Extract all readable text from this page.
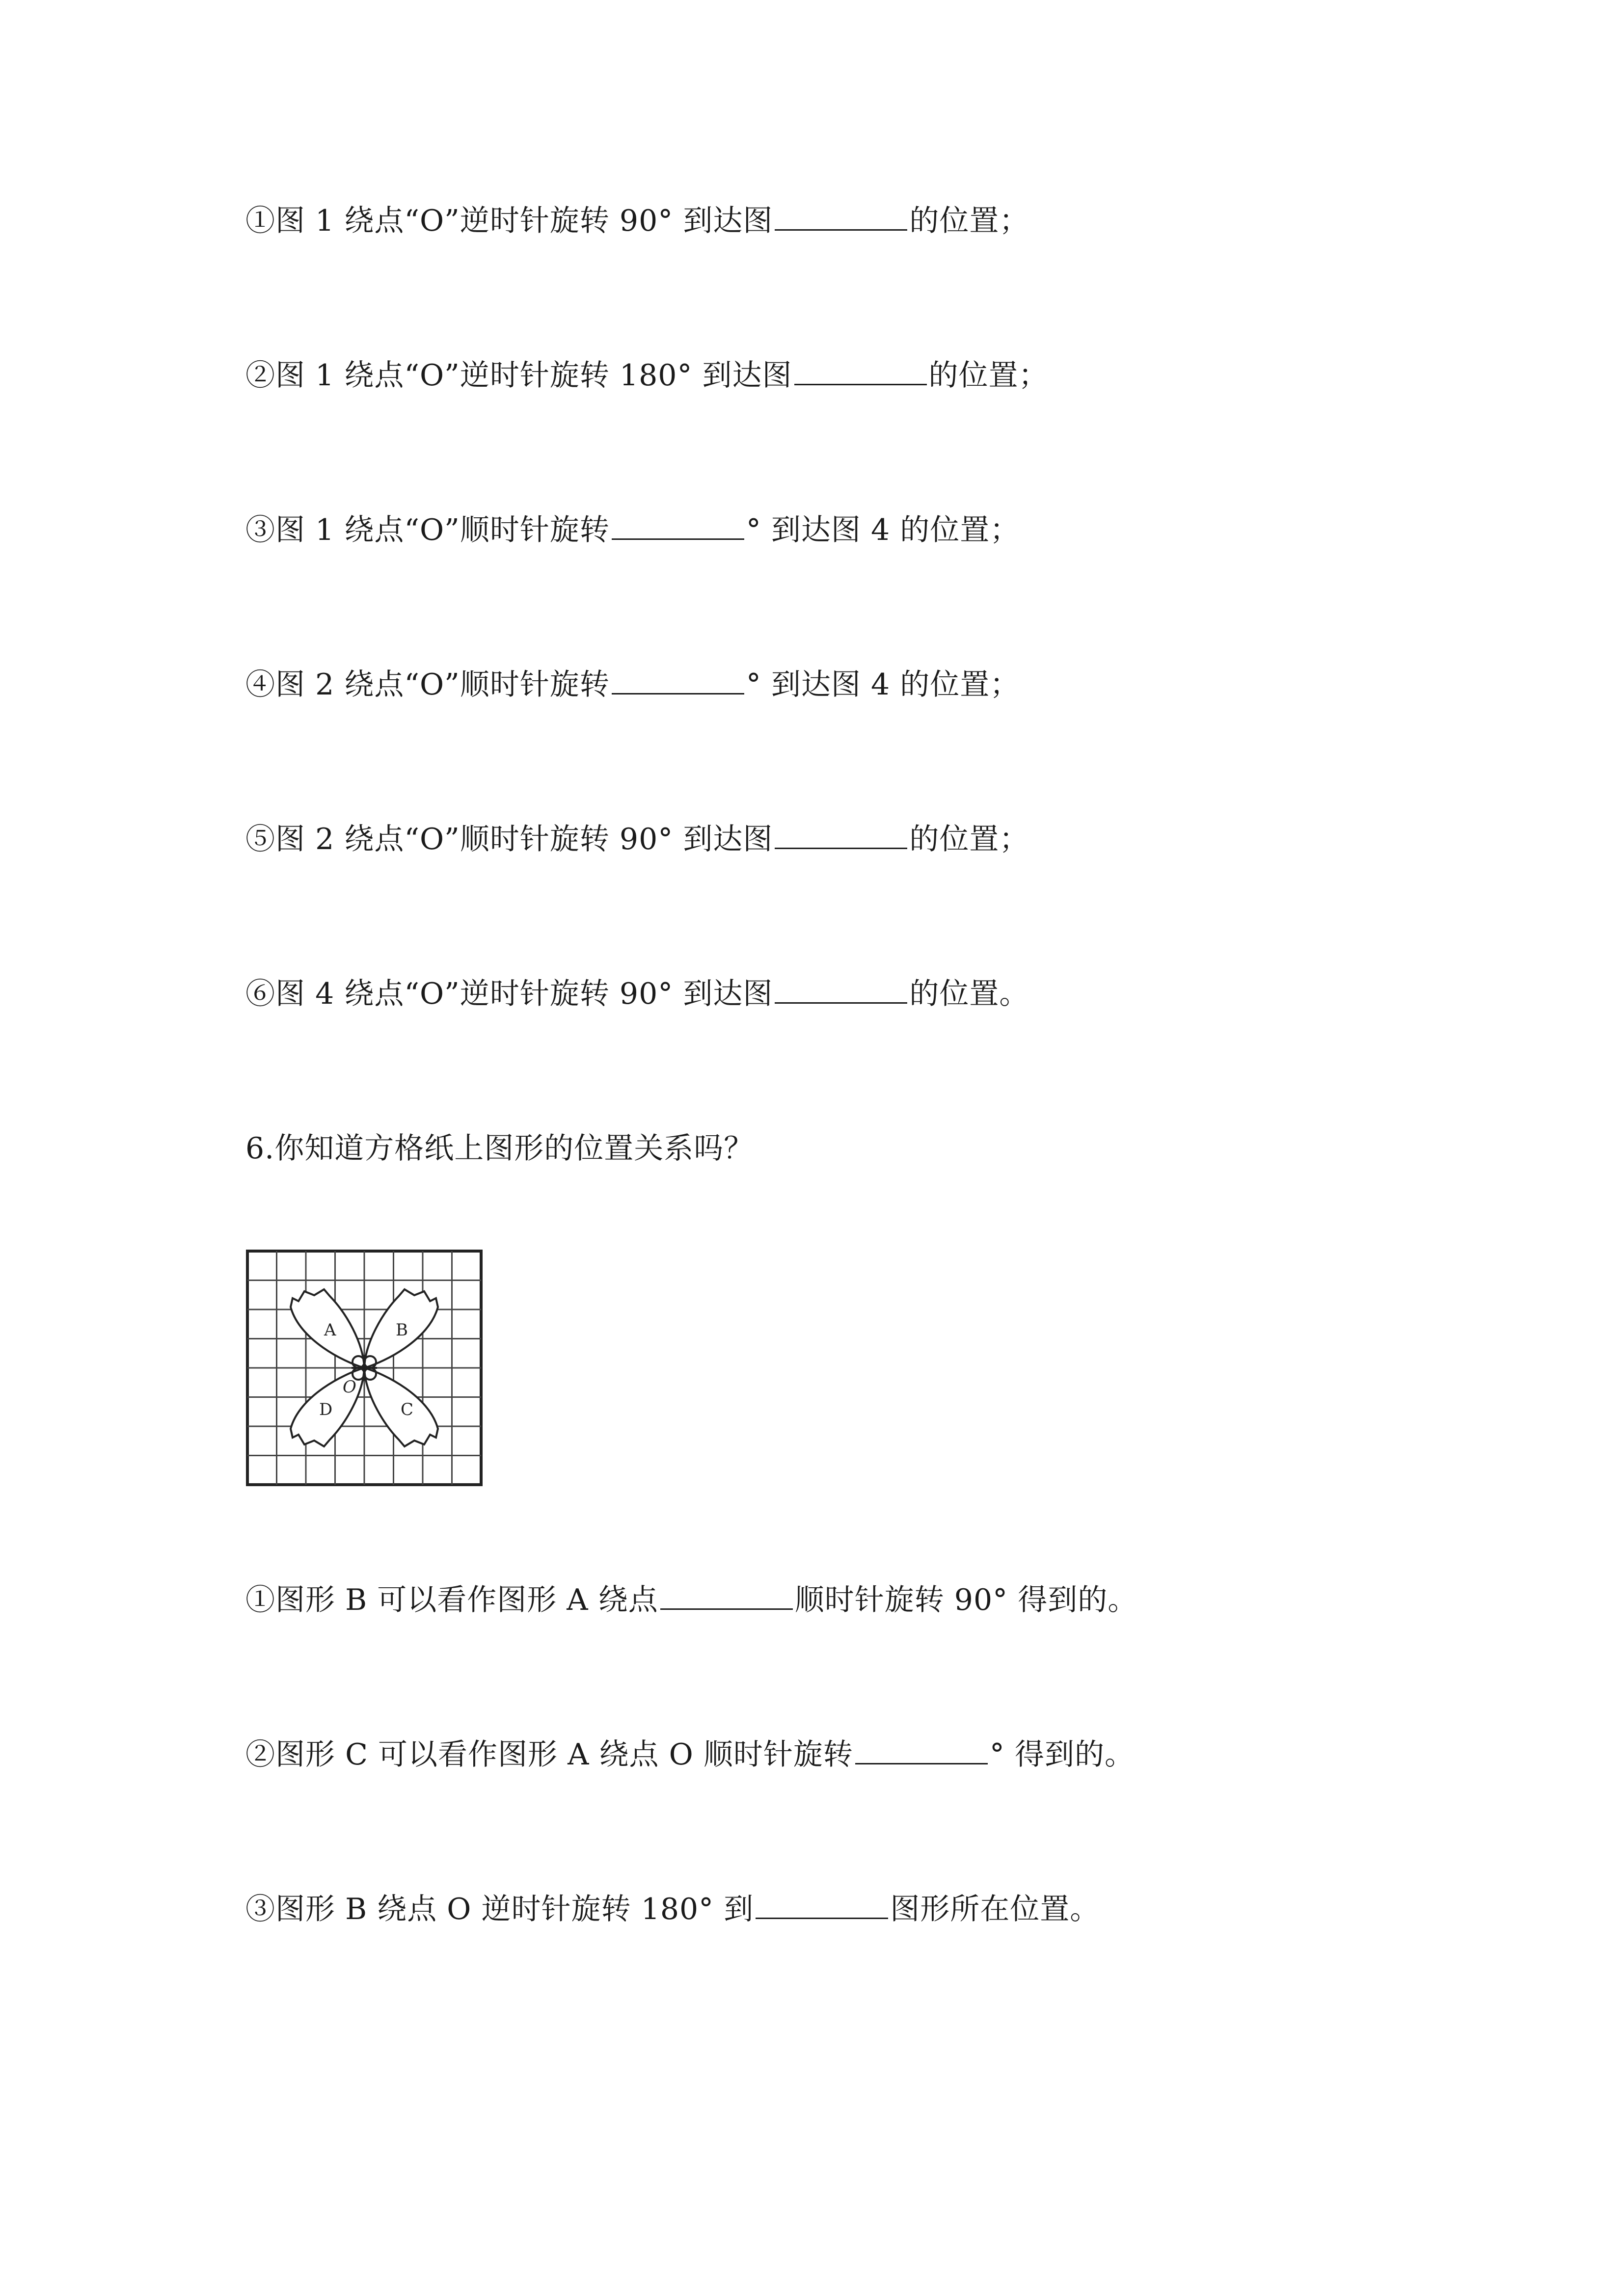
①图 1 绕点“O”逆时针旋转 90° 到达图	的位置；
②图 1 绕点“O”逆时针旋转 180° 到达图	的位置；
③图 1 绕点“O”顺时针旋转	° 到达图 4 的位置；
④图 2 绕点“O”顺时针旋转	° 到达图 4 的位置；
⑤图 2 绕点“O”顺时针旋转 90° 到达图	的位置；
⑥图 4 绕点“O”逆时针旋转 90° 到达图	的位置。
6.你知道方格纸上图形的位置关系吗？
A	B
C
D
O
①图形 B 可以看作图形 A 绕点	顺时针旋转 90° 得到的。
②图形 C 可以看作图形 A 绕点 O 顺时针旋转	° 得到的。
③图形 B 绕点 O 逆时针旋转 180° 到	图形所在位置。
